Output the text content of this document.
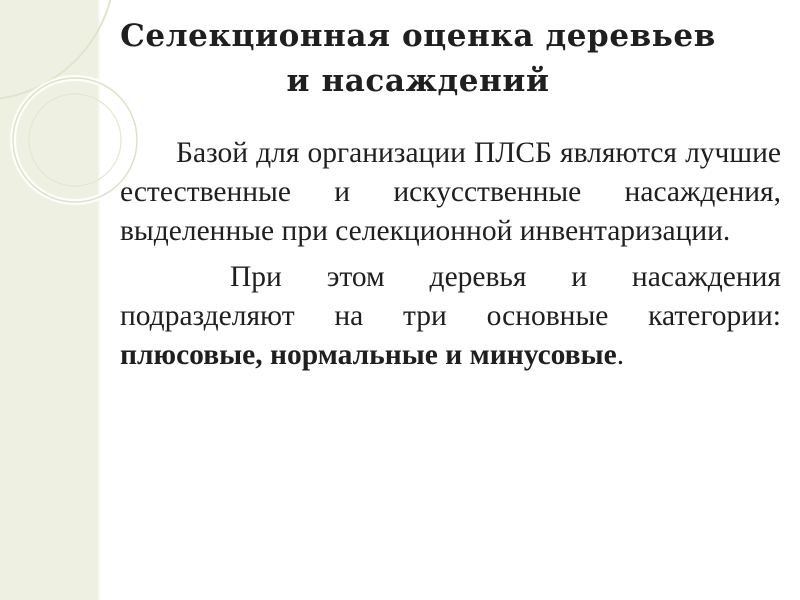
Селекционная оценка деревьев
и насаждений

Базой для организации ПЛСБ являются лучшие естественные и искусственные насаждения, выделенные при селекционной инвентаризации.

При этом деревья и насаждения подразделяют на три основные категории: плюсовые, нормальные и минусовые.
